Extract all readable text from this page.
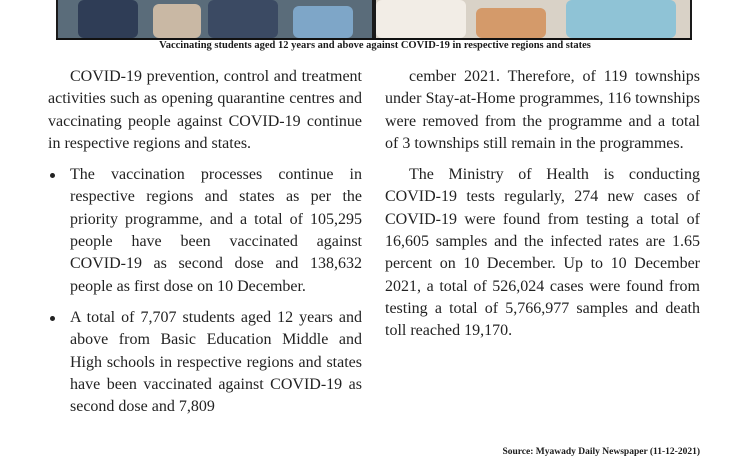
Vaccinating students aged 12 years and above against COVID-19 in respective regions and states

COVID-19 prevention, control and treatment activities such as opening quarantine centres and vaccinating people against COVID-19 continue in respective regions and states.

The vaccination processes continue in respective regions and states as per the priority programme, and a total of 105,295 people have been vaccinated against COVID-19 as second dose and 138,632 people as first dose on 10 December.
A total of 7,707 students aged 12 years and above from Basic Education Middle and High schools in respective regions and states have been vaccinated against COVID-19 as second dose and 7,809

cember 2021. Therefore, of 119 townships under Stay-at-Home programmes, 116 townships were removed from the programme and a total of 3 townships still remain in the programmes.

The Ministry of Health is conducting COVID-19 tests regularly, 274 new cases of COVID-19 were found from testing a total of 16,605 samples and the infected rates are 1.65 percent on 10 December. Up to 10 December 2021, a total of 526,024 cases were found from testing a total of 5,766,977 samples and death toll reached 19,170.

Source: Myawady Daily Newspaper (11-12-2021)
